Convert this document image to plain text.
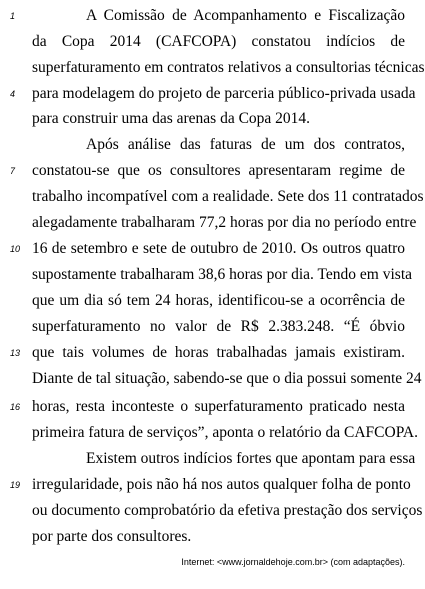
1
4
7
10
13
16
19
A Comissão de Acompanhamento e Fiscalização
da Copa 2014 (CAFCOPA) constatou indícios de
superfaturamento em contratos relativos a consultorias técnicas
para modelagem do projeto de parceria público-privada usada
para construir uma das arenas da Copa 2014.
Após análise das faturas de um dos contratos,
constatou-se que os consultores apresentaram regime de
trabalho incompatível com a realidade. Sete dos 11 contratados
alegadamente trabalharam 77,2 horas por dia no período entre
16 de setembro e sete de outubro de 2010. Os outros quatro
supostamente trabalharam 38,6 horas por dia. Tendo em vista
que um dia só tem 24 horas, identificou-se a ocorrência de
superfaturamento no valor de R$ 2.383.248. “É óbvio
que tais volumes de horas trabalhadas jamais existiram.
Diante de tal situação, sabendo-se que o dia possui somente 24
horas, resta inconteste o superfaturamento praticado nesta
primeira fatura de serviços”, aponta o relatório da CAFCOPA.
Existem outros indícios fortes que apontam para essa
irregularidade, pois não há nos autos qualquer folha de ponto
ou documento comprobatório da efetiva prestação dos serviços
por parte dos consultores.
Internet: <www.jornaldehoje.com.br> (com adaptações).
